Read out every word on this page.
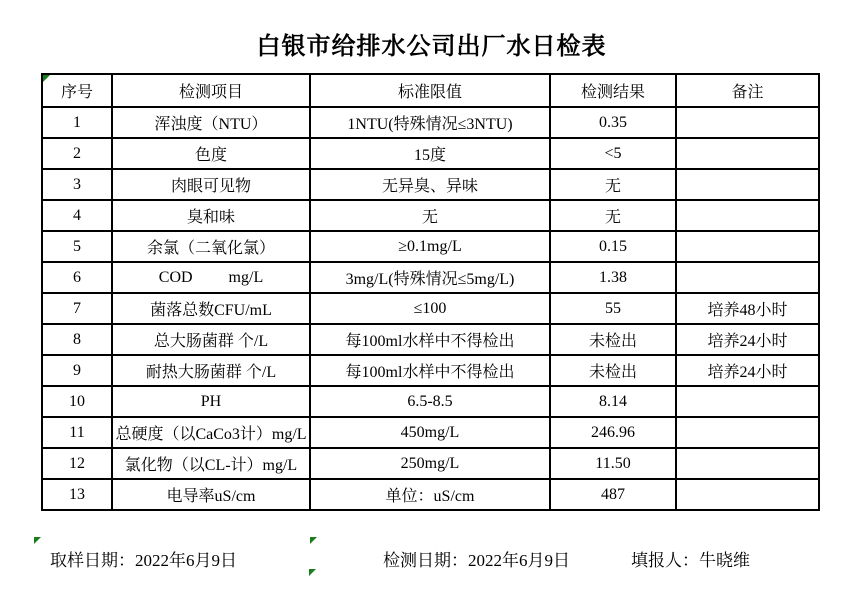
白银市给排水公司出厂水日检表
序号	检测项目	标准限值	检测结果	备注
1	浑浊度（NTU）	1NTU(特殊情况≤3NTU)	0.35	
2	色度	15度	<5	
3	肉眼可见物	无异臭、异味	无	
4	臭和味	无	无	
5	余氯（二氧化氯）	≥0.1mg/L	0.15	
6	COD         mg/L	3mg/L(特殊情况≤5mg/L)	1.38	
7	菌落总数CFU/mL	≤100	55	培养48小时
8	总大肠菌群 个/L	每100ml水样中不得检出	未检出	培养24小时
9	耐热大肠菌群 个/L	每100ml水样中不得检出	未检出	培养24小时
10	PH	6.5-8.5	8.14	
11	总硬度（以CaCo3计）mg/L	450mg/L	246.96	
12	氯化物（以CL-计）mg/L	250mg/L	11.50	
13	电导率uS/cm	单位：uS/cm	487	
取样日期：2022年6月9日	检测日期：2022年6月9日	填报人：牛晓维
